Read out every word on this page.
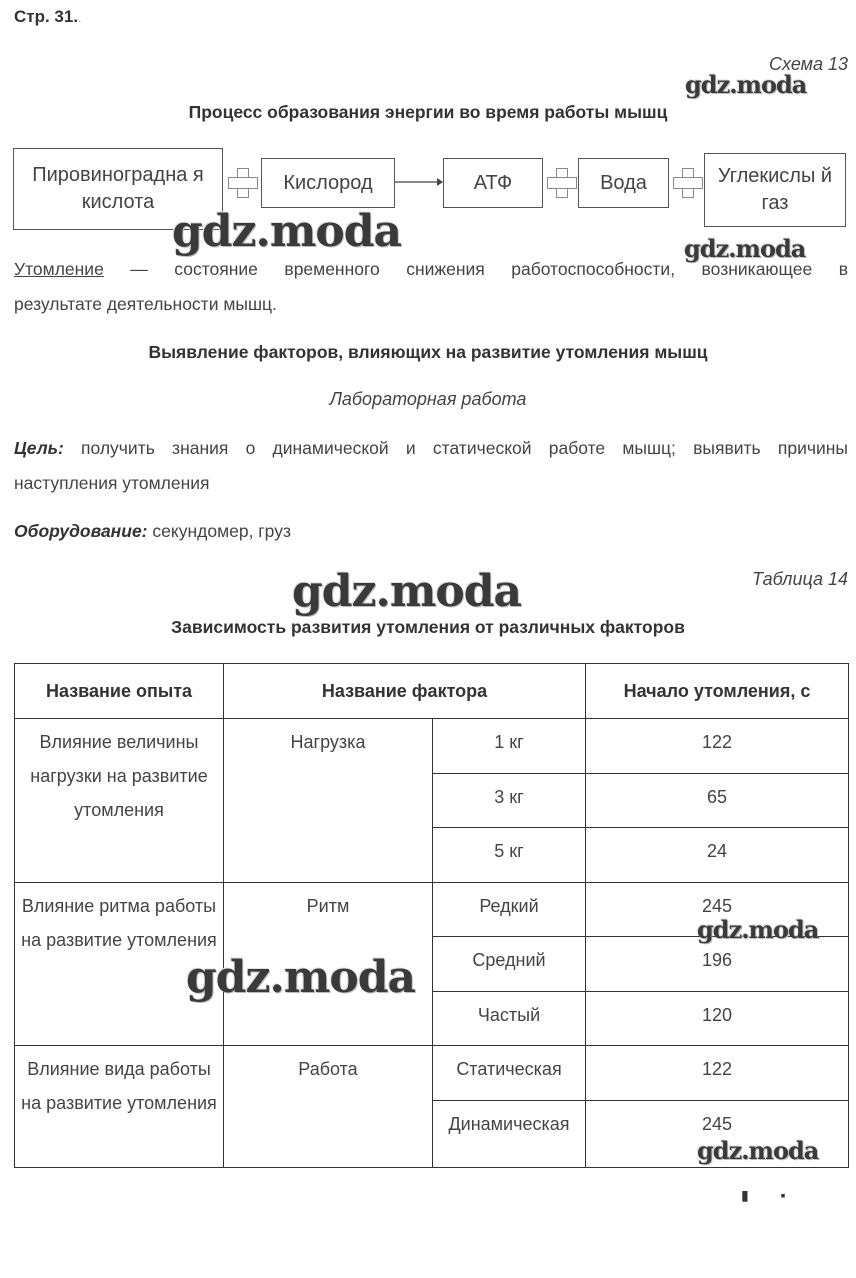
Стр. 31..
Схема 13
gdz.moda
Процесс образования энергии во время работы мышц
Пировиноградна я кислота
Кислород	АТФ	Вода	Углекислы й газ
gdz.moda	gdz.moda
Утомление — состояние временного снижения работоспособности, возникающее в
результате деятельности мышц.
Выявление факторов, влияющих на развитие утомления мышц
Лабораторная работа
Цель: получить знания о динамической и статической работе мышц; выявить причины
наступления утомления
Оборудование: секундомер, груз
Таблица 14
gdz.moda
Зависимость развития утомления от различных факторов
Название опыта	Название фактора		Начало утомления, с
Влияние величины нагрузки на развитие утомления	Нагрузка	1 кг	122
		3 кг	65
		5 кг	24
Влияние ритма работы на развитие утомления	Ритм	Редкий	245
		Средний	196
		Частый	120
Влияние вида работы на развитие утомления	Работа	Статическая	122
		Динамическая	245
gdz.moda
gdz.moda
gdz.moda
▮ ▪
